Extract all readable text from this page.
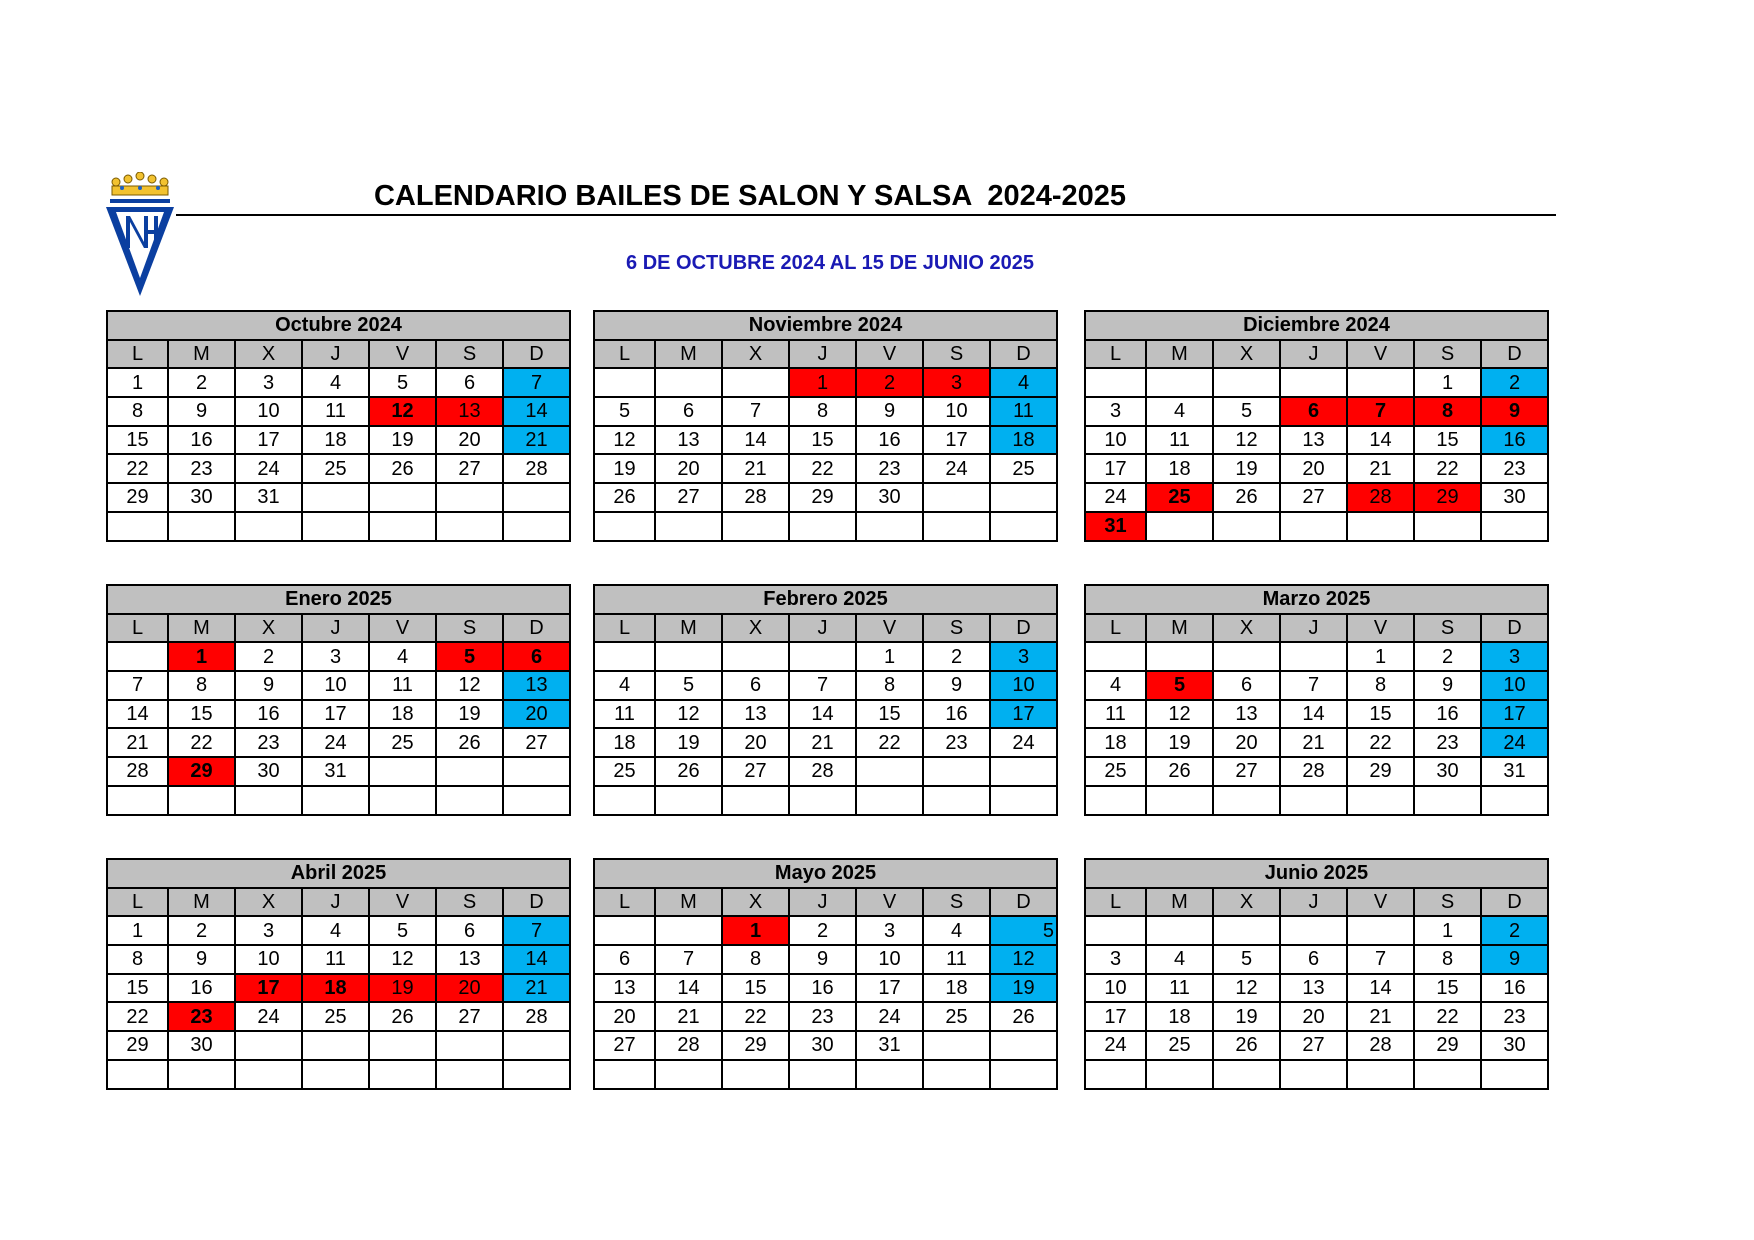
CALENDARIO BAILES DE SALON Y SALSA  2024-2025
6 DE OCTUBRE 2024 AL 15 DE JUNIO 2025
Octubre 2024						
L	M	X	J	V	S	D
1	2	3	4	5	6	7
8	9	10	11	12	13	14
15	16	17	18	19	20	21
22	23	24	25	26	27	28
29	30	31				

Noviembre 2024						
L	M	X	J	V	S	D
			1	2	3	4
5	6	7	8	9	10	11
12	13	14	15	16	17	18
19	20	21	22	23	24	25
26	27	28	29	30		

Diciembre 2024						
L	M	X	J	V	S	D
					1	2
3	4	5	6	7	8	9
10	11	12	13	14	15	16
17	18	19	20	21	22	23
24	25	26	27	28	29	30
31						
Enero 2025						
L	M	X	J	V	S	D
	1	2	3	4	5	6
7	8	9	10	11	12	13
14	15	16	17	18	19	20
21	22	23	24	25	26	27
28	29	30	31			

Febrero 2025						
L	M	X	J	V	S	D
				1	2	3
4	5	6	7	8	9	10
11	12	13	14	15	16	17
18	19	20	21	22	23	24
25	26	27	28			

Marzo 2025						
L	M	X	J	V	S	D
				1	2	3
4	5	6	7	8	9	10
11	12	13	14	15	16	17
18	19	20	21	22	23	24
25	26	27	28	29	30	31

Abril 2025						
L	M	X	J	V	S	D
1	2	3	4	5	6	7
8	9	10	11	12	13	14
15	16	17	18	19	20	21
22	23	24	25	26	27	28
29	30					

Mayo 2025						
L	M	X	J	V	S	D
		1	2	3	4	5
6	7	8	9	10	11	12
13	14	15	16	17	18	19
20	21	22	23	24	25	26
27	28	29	30	31		

Junio 2025						
L	M	X	J	V	S	D
					1	2
3	4	5	6	7	8	9
10	11	12	13	14	15	16
17	18	19	20	21	22	23
24	25	26	27	28	29	30
